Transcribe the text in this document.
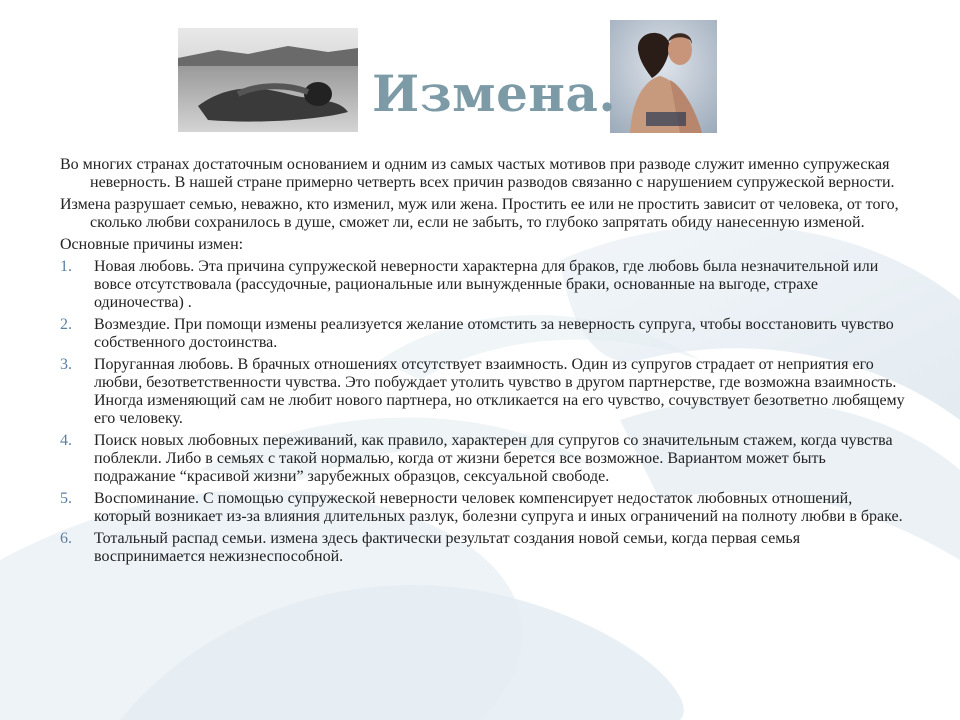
Измена.

Во многих странах достаточным основанием и одним из самых частых мотивов при разводе служит именно супружеская неверность. В нашей стране примерно четверть всех причин разводов связанно с нарушением супружеской верности.

Измена разрушает семью, неважно, кто изменил, муж или жена. Простить ее или не простить зависит от человека, от того, сколько любви сохранилось в душе, сможет ли, если не забыть, то глубоко запрятать обиду нанесенную изменой.

Основные причины измен:

1. Новая любовь. Эта причина супружеской неверности характерна для браков, где любовь была незначительной или вовсе отсутствовала (рассудочные, рациональные или вынужденные браки, основанные на выгоде, страхе одиночества) .
2. Возмездие. При помощи измены реализуется желание отомстить за неверность супруга, чтобы восстановить чувство собственного достоинства.
3. Поруганная любовь. В брачных отношениях отсутствует взаимность. Один из супругов страдает от неприятия его любви, безответственности чувства. Это побуждает утолить чувство в другом партнерстве, где возможна взаимность. Иногда изменяющий сам не любит нового партнера, но откликается на его чувство, сочувствует безответно любящему его человеку.
4. Поиск новых любовных переживаний, как правило, характерен для супругов со значительным стажем, когда чувства поблекли. Либо в семьях с такой нормалью, когда от жизни берется все возможное. Вариантом может быть подражание “красивой жизни” зарубежных образцов, сексуальной свободе.
5. Воспоминание. С помощью супружеской неверности человек компенсирует недостаток любовных отношений, который возникает из-за влияния длительных разлук, болезни супруга и иных ограничений на полноту любви в браке.
6. Тотальный распад семьи. измена здесь фактически результат создания новой семьи, когда первая семья воспринимается нежизнеспособной.
